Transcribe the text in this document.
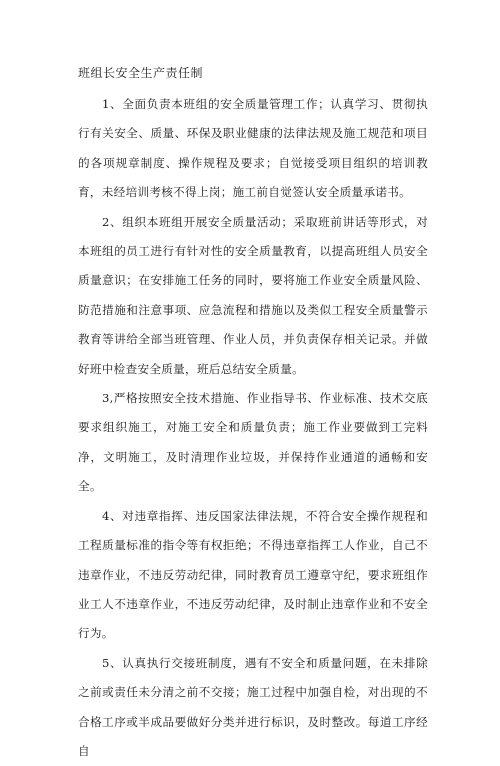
班组长安全生产责任制

1、全面负责本班组的安全质量管理工作；认真学习、贯彻执行有关安全、质量、环保及职业健康的法律法规及施工规范和项目的各项规章制度、操作规程及要求；自觉接受项目组织的培训教育，未经培训考核不得上岗；施工前自觉签认安全质量承诺书。

2、组织本班组开展安全质量活动；采取班前讲话等形式，对本班组的员工进行有针对性的安全质量教育，以提高班组人员安全质量意识；在安排施工任务的同时，要将施工作业安全质量风险、防范措施和注意事项、应急流程和措施以及类似工程安全质量警示教育等讲给全部当班管理、作业人员，并负责保存相关记录。并做好班中检查安全质量，班后总结安全质量。

3,严格按照安全技术措施、作业指导书、作业标准、技术交底要求组织施工，对施工安全和质量负责；施工作业要做到工完料净，文明施工，及时清理作业垃圾，并保持作业通道的通畅和安全。

4、对违章指挥、违反国家法律法规，不符合安全操作规程和工程质量标准的指令等有权拒绝；不得违章指挥工人作业，自己不违章作业，不违反劳动纪律，同时教育员工遵章守纪，要求班组作业工人不违章作业，不违反劳动纪律，及时制止违章作业和不安全行为。

5、认真执行交接班制度，遇有不安全和质量问题，在未排除之前或责任未分清之前不交接；施工过程中加强自检，对出现的不合格工序或半成品要做好分类并进行标识，及时整改。每道工序经自
